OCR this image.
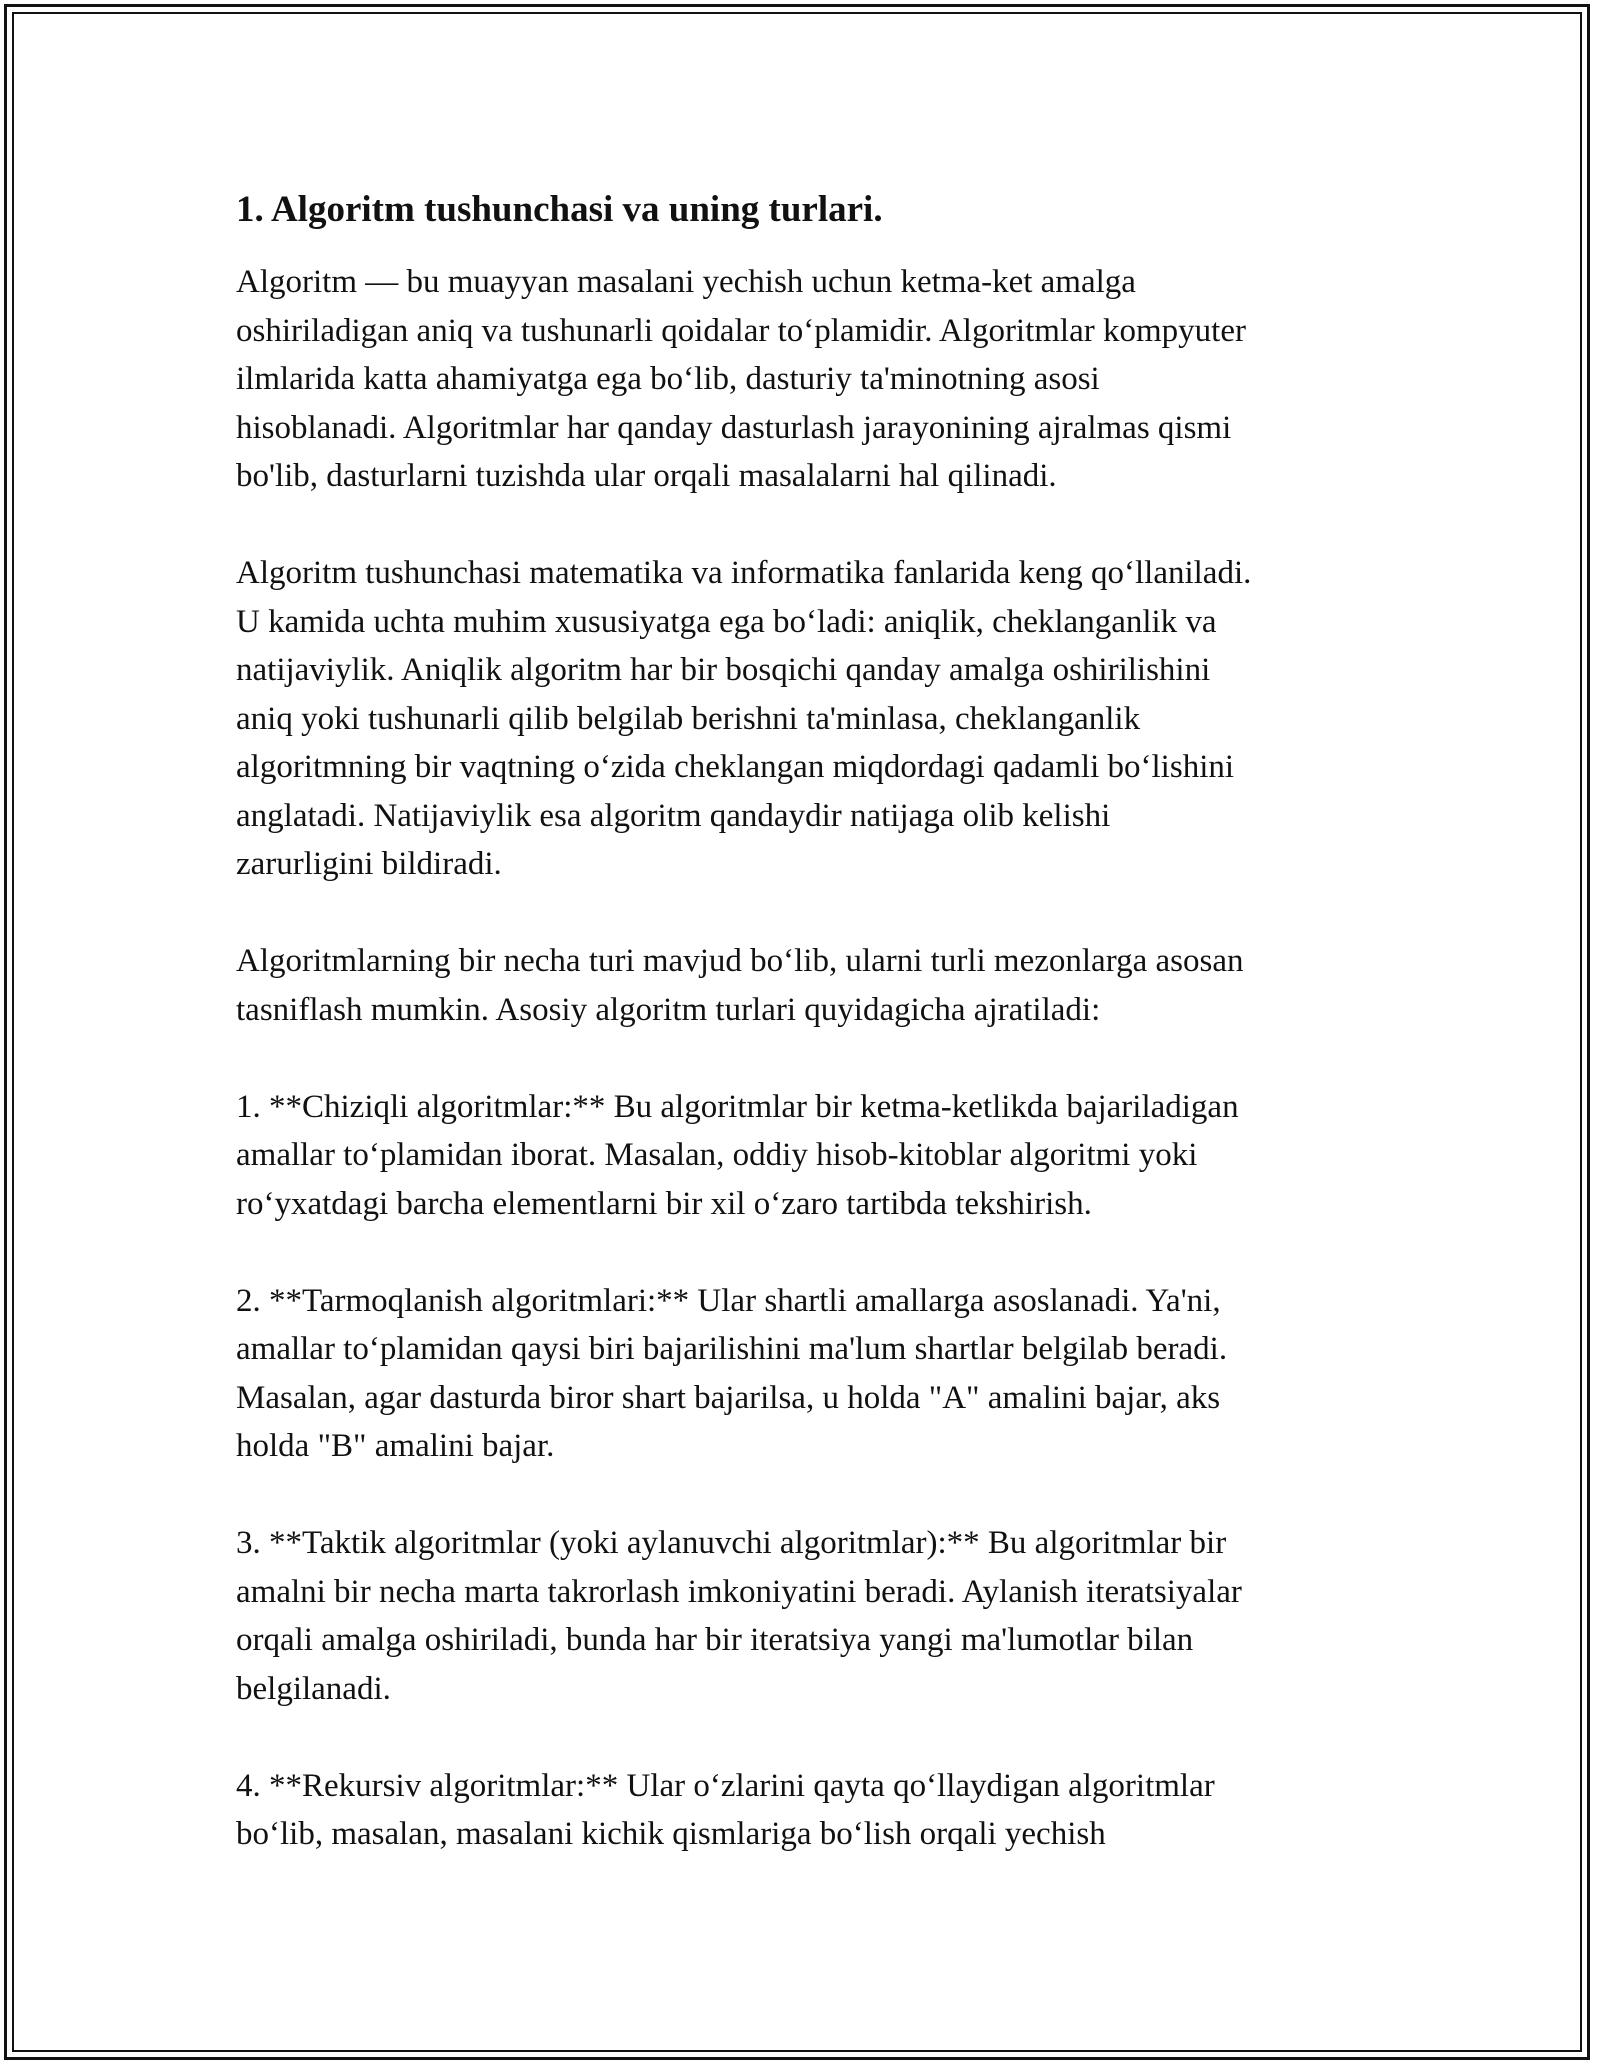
1. Algoritm tushunchasi va uning turlari.
Algoritm — bu muayyan masalani yechish uchun ketma-ket amalga
oshiriladigan aniq va tushunarli qoidalar to‘plamidir. Algoritmlar kompyuter
ilmlarida katta ahamiyatga ega bo‘lib, dasturiy ta'minotning asosi
hisoblanadi. Algoritmlar har qanday dasturlash jarayonining ajralmas qismi
bo'lib, dasturlarni tuzishda ular orqali masalalarni hal qilinadi.
Algoritm tushunchasi matematika va informatika fanlarida keng qo‘llaniladi.
U kamida uchta muhim xususiyatga ega bo‘ladi: aniqlik, cheklanganlik va
natijaviylik. Aniqlik algoritm har bir bosqichi qanday amalga oshirilishini
aniq yoki tushunarli qilib belgilab berishni ta'minlasa, cheklanganlik
algoritmning bir vaqtning o‘zida cheklangan miqdordagi qadamli bo‘lishini
anglatadi. Natijaviylik esa algoritm qandaydir natijaga olib kelishi
zarurligini bildiradi.
Algoritmlarning bir necha turi mavjud bo‘lib, ularni turli mezonlarga asosan
tasniflash mumkin. Asosiy algoritm turlari quyidagicha ajratiladi:
1. **Chiziqli algoritmlar:** Bu algoritmlar bir ketma-ketlikda bajariladigan
amallar to‘plamidan iborat. Masalan, oddiy hisob-kitoblar algoritmi yoki
ro‘yxatdagi barcha elementlarni bir xil o‘zaro tartibda tekshirish.
2. **Tarmoqlanish algoritmlari:** Ular shartli amallarga asoslanadi. Ya'ni,
amallar to‘plamidan qaysi biri bajarilishini ma'lum shartlar belgilab beradi.
Masalan, agar dasturda biror shart bajarilsa, u holda "A" amalini bajar, aks
holda "B" amalini bajar.
3. **Taktik algoritmlar (yoki aylanuvchi algoritmlar):** Bu algoritmlar bir
amalni bir necha marta takrorlash imkoniyatini beradi. Aylanish iteratsiyalar
orqali amalga oshiriladi, bunda har bir iteratsiya yangi ma'lumotlar bilan
belgilanadi.
4. **Rekursiv algoritmlar:** Ular o‘zlarini qayta qo‘llaydigan algoritmlar
bo‘lib, masalan, masalani kichik qismlariga bo‘lish orqali yechish
